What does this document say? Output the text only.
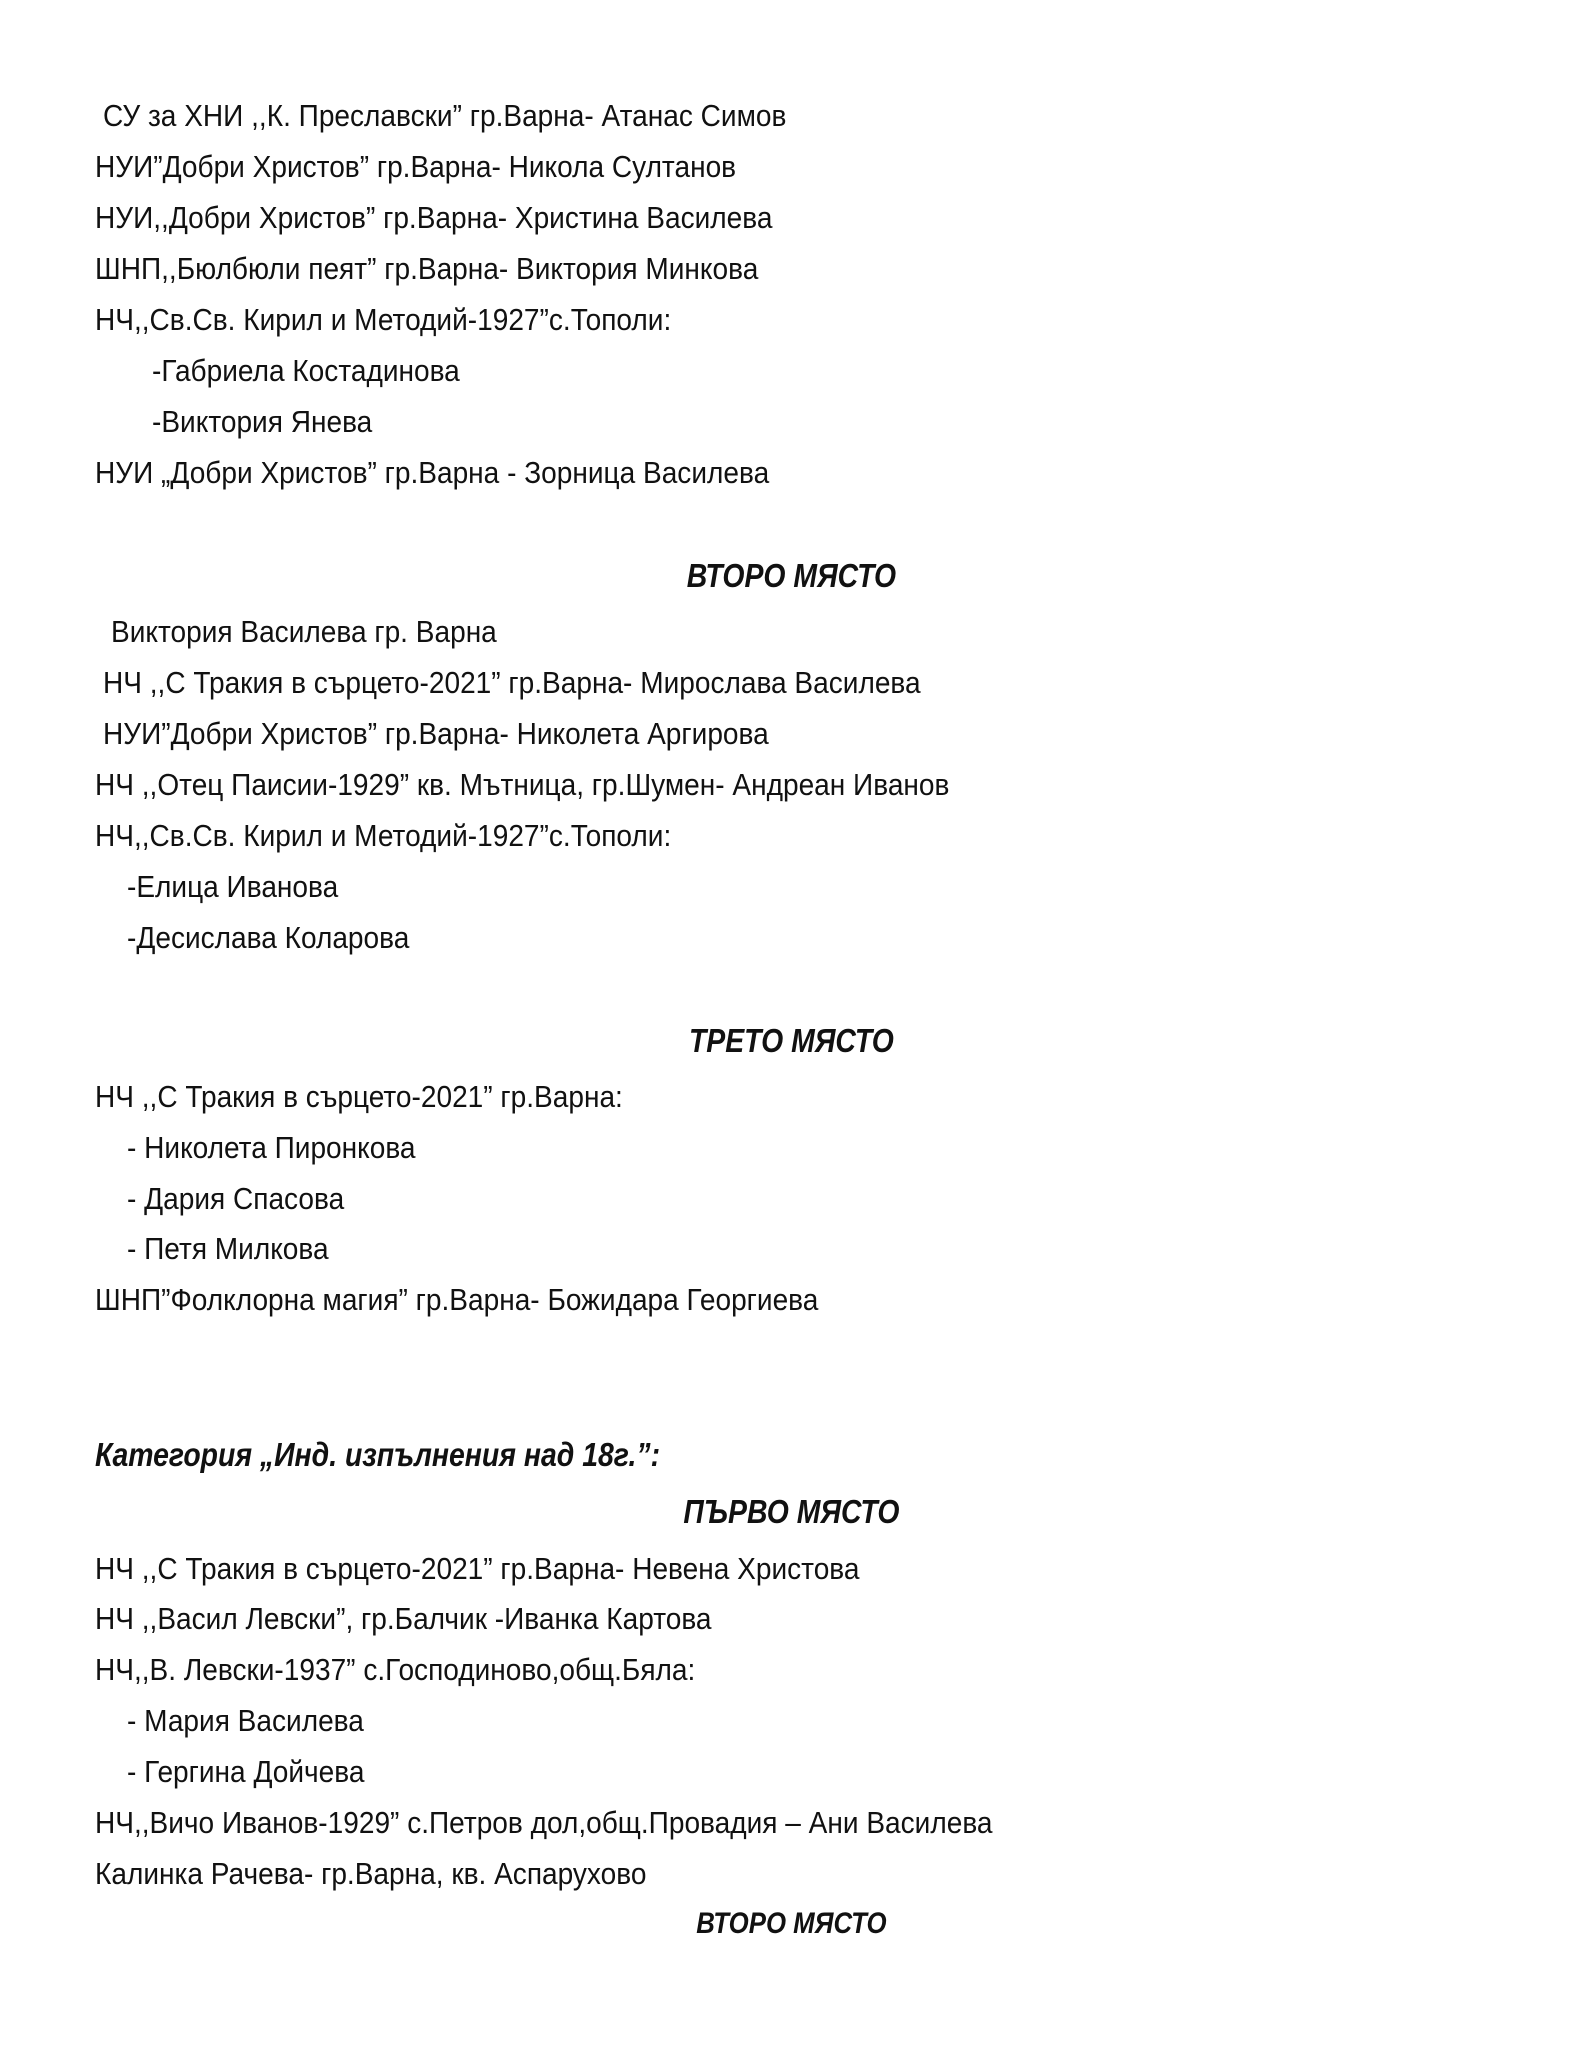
СУ за ХНИ ,,К. Преславски” гр.Варна- Атанас Симов
НУИ”Добри Христов” гр.Варна- Никола Султанов
НУИ,,Добри Христов” гр.Варна- Христина Василева
ШНП,,Бюлбюли пеят” гр.Варна- Виктория Минкова
НЧ,,Св.Св. Кирил и Методий-1927”с.Тополи:
-Габриела Костадинова
-Виктория Янева
НУИ „Добри Христов” гр.Варна - Зорница Василева
ВТОРО МЯСТО
Виктория Василева гр. Варна
НЧ ,,С Тракия в сърцето-2021” гр.Варна- Мирослава Василева
НУИ”Добри Христов” гр.Варна- Николета Аргирова
НЧ ,,Отец Паисии-1929” кв. Мътница, гр.Шумен- Андреан Иванов
НЧ,,Св.Св. Кирил и Методий-1927”с.Тополи:
-Елица Иванова
-Десислава Коларова
ТРЕТО МЯСТО
НЧ ,,С Тракия в сърцето-2021” гр.Варна:
- Николета Пиронкова
- Дария Спасова
- Петя Милкова
ШНП”Фолклорна магия” гр.Варна- Божидара Георгиева
Категория „Инд. изпълнения над 18г.”:
ПЪРВО МЯСТО
НЧ ,,С Тракия в сърцето-2021” гр.Варна- Невена Христова
НЧ ,,Васил Левски”, гр.Балчик -Иванка Картова
НЧ,,В. Левски-1937” с.Господиново,общ.Бяла:
- Мария Василева
- Гергина Дойчева
НЧ,,Вичо Иванов-1929” с.Петров дол,общ.Провадия – Ани Василева
Калинка Рачева- гр.Варна, кв. Аспарухово
ВТОРО МЯСТО
